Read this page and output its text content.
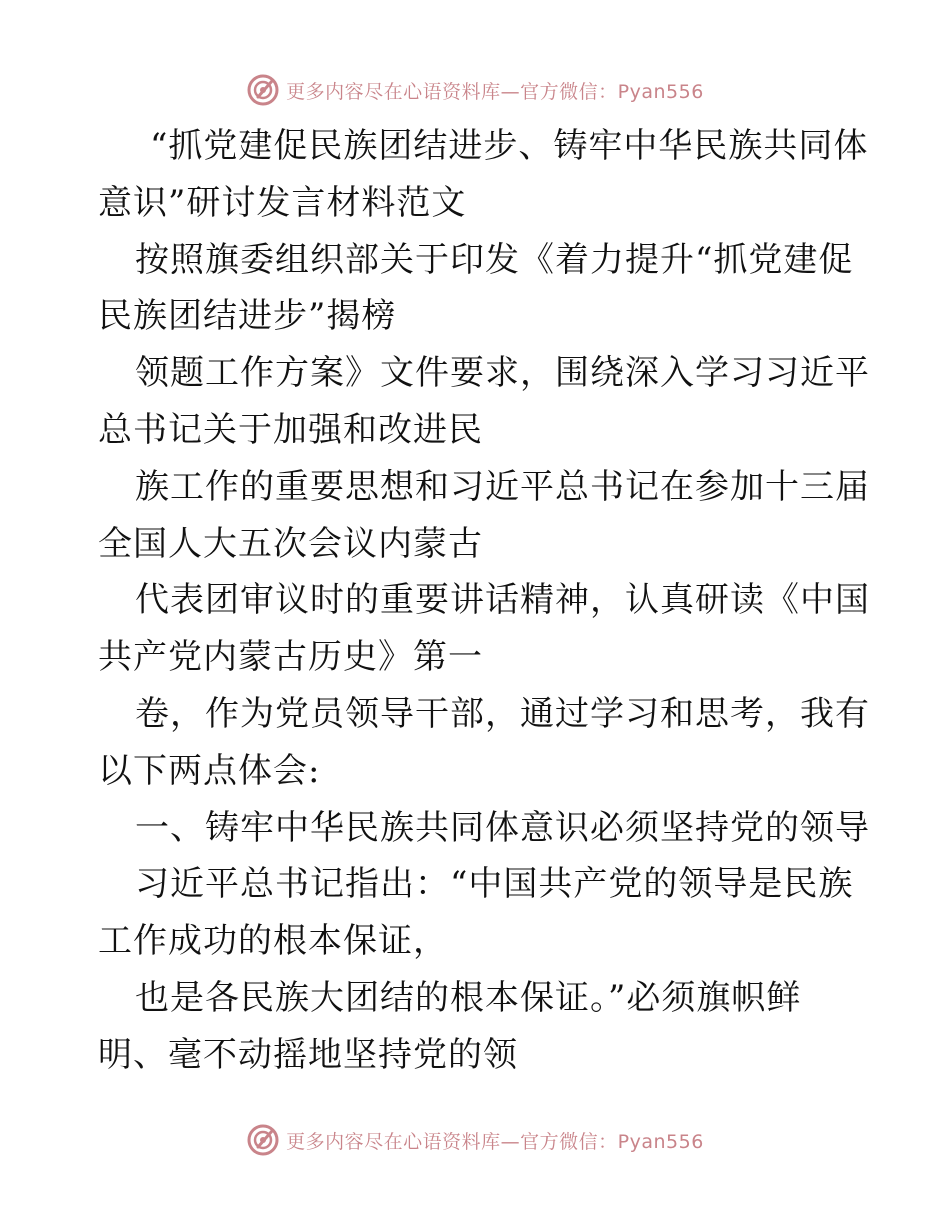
更多内容尽在心语资料库—官方微信：Pyan556
“抓党建促民族团结进步、铸牢中华民族共同体
意识”研讨发言材料范文
按照旗委组织部关于印发《着力提升“抓党建促
民族团结进步”揭榜
领题工作方案》文件要求，围绕深入学习习近平
总书记关于加强和改进民
族工作的重要思想和习近平总书记在参加十三届
全国人大五次会议内蒙古
代表团审议时的重要讲话精神，认真研读《中国
共产党内蒙古历史》第一
卷，作为党员领导干部，通过学习和思考，我有
以下两点体会:
一、铸牢中华民族共同体意识必须坚持党的领导
习近平总书记指出：“中国共产党的领导是民族
工作成功的根本保证，
也是各民族大团结的根本保证。”必须旗帜鲜
明、毫不动摇地坚持党的领
更多内容尽在心语资料库—官方微信：Pyan556
